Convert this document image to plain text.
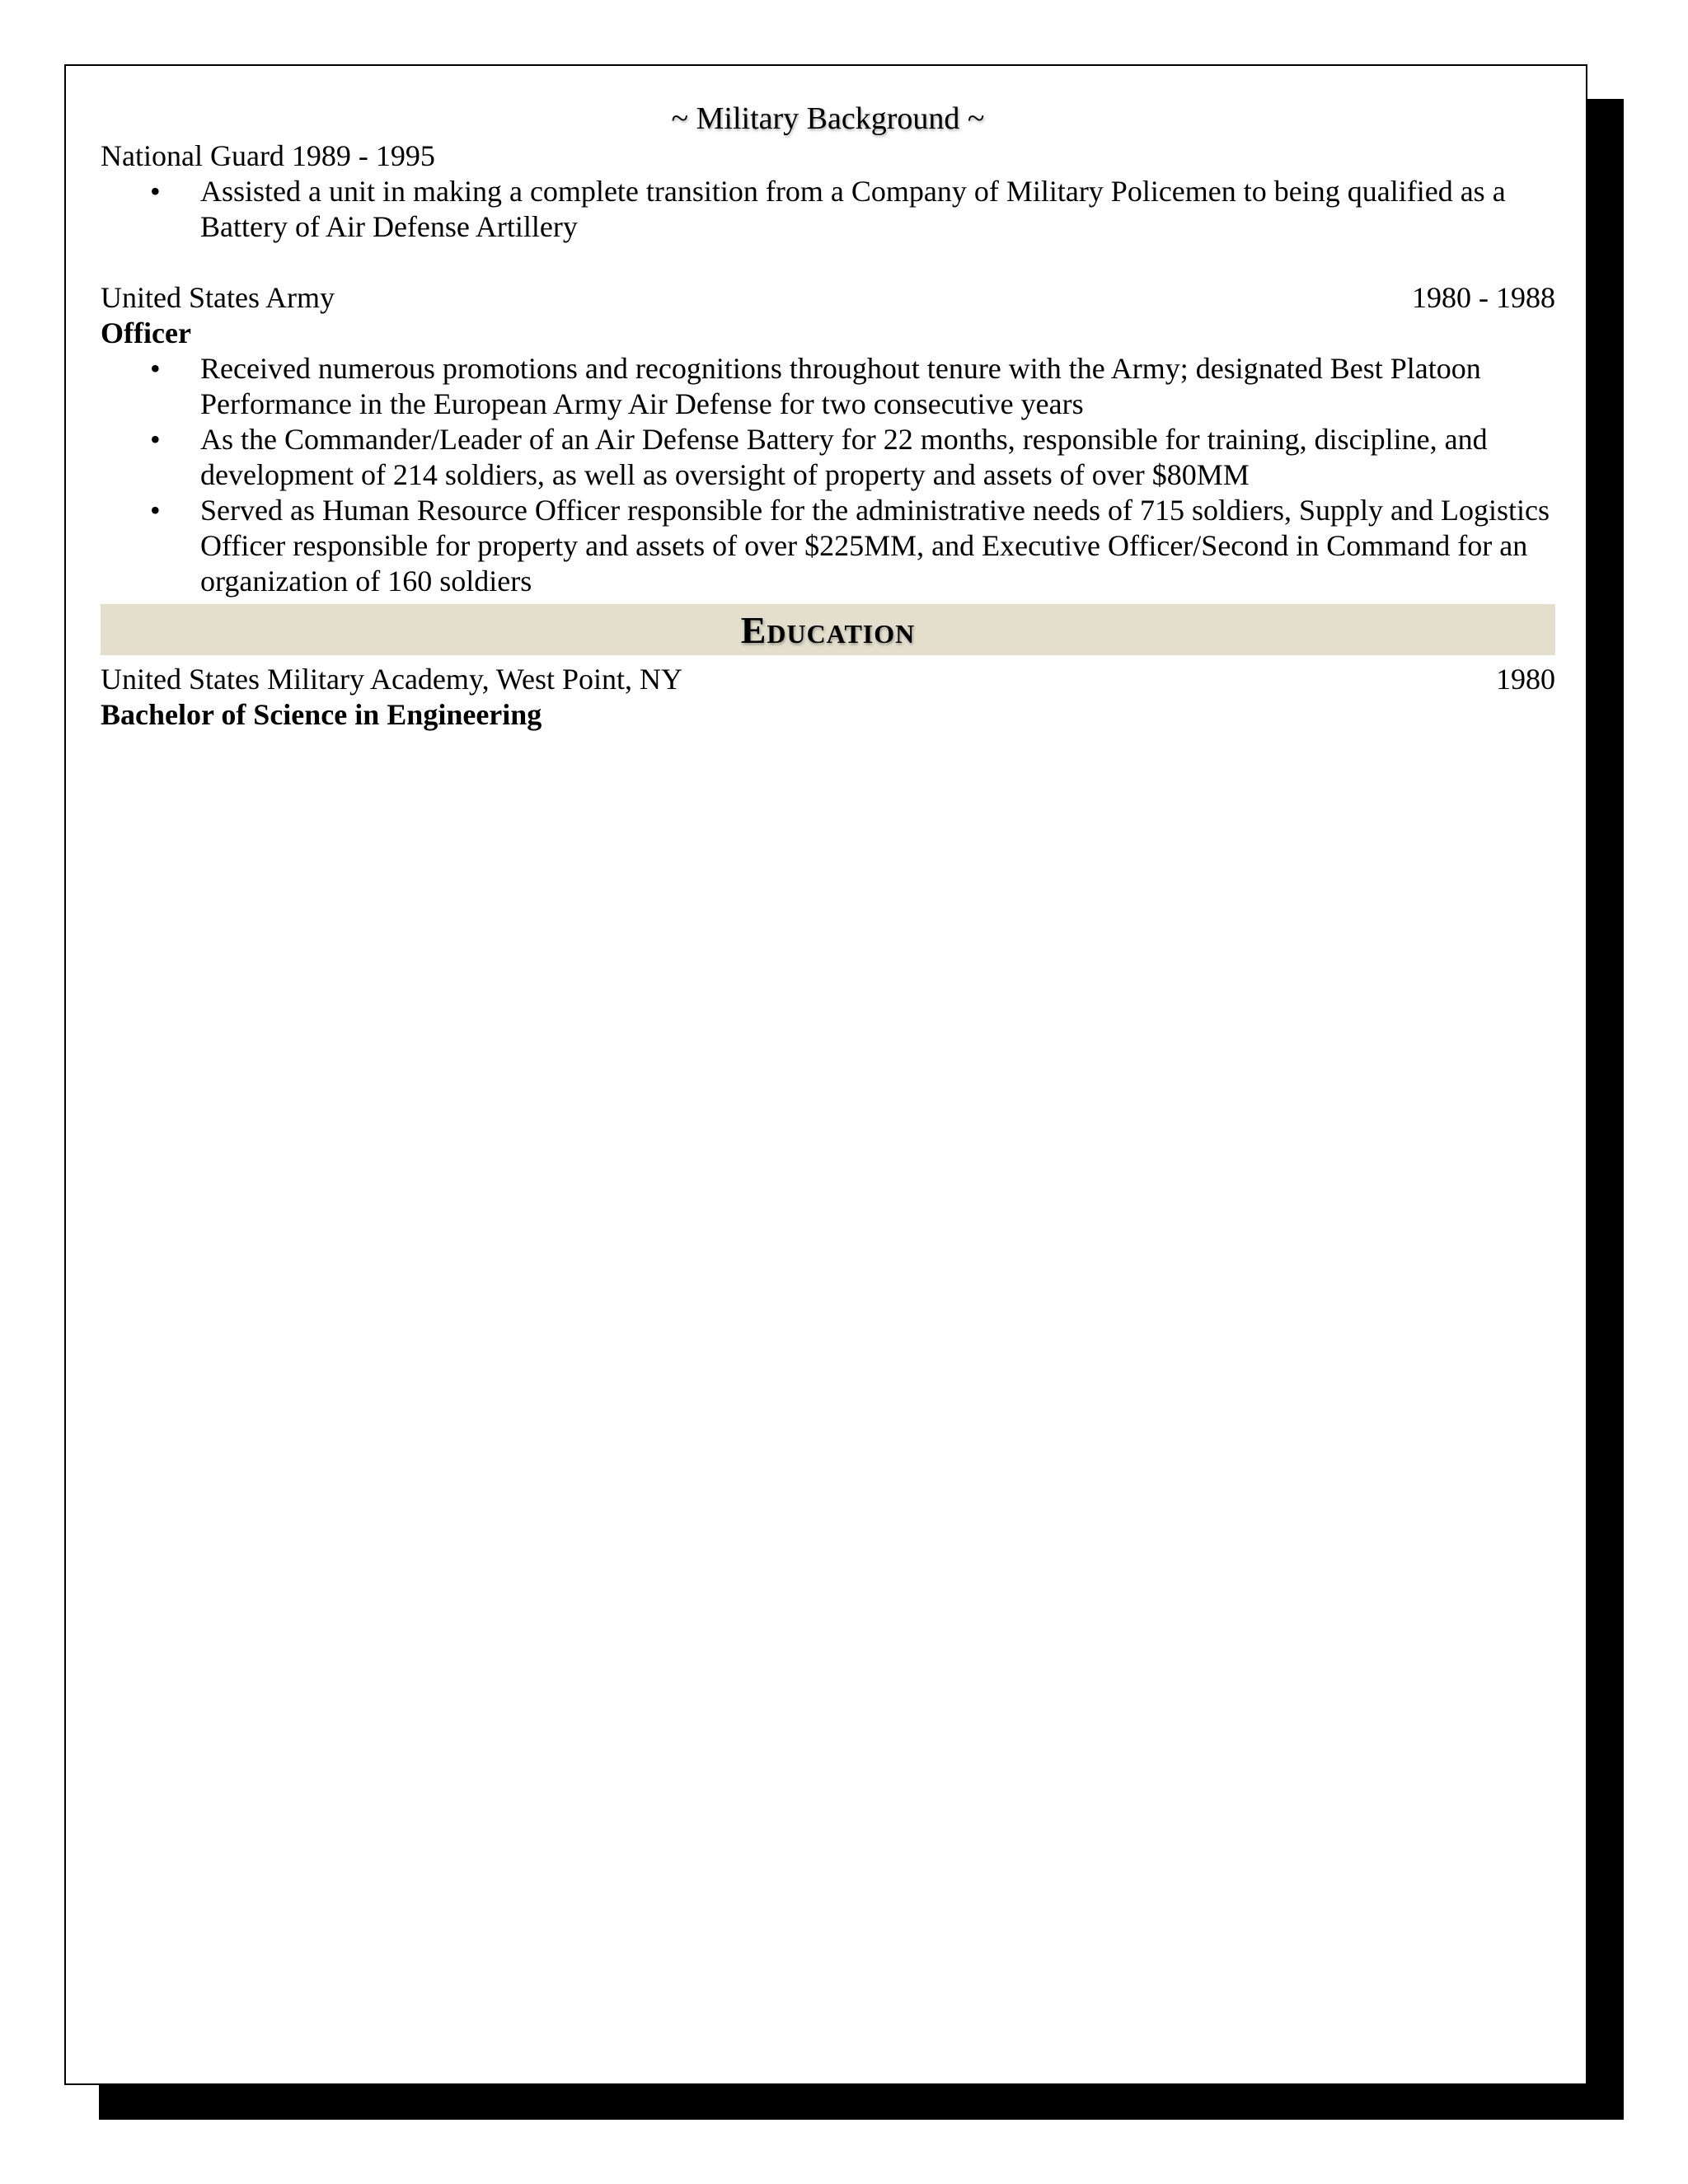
~ Military Background ~
National Guard 1989 - 1995
• Assisted a unit in making a complete transition from a Company of Military Policemen to being qualified as a Battery of Air Defense Artillery
United States Army	1980 - 1988
Officer
• Received numerous promotions and recognitions throughout tenure with the Army; designated Best Platoon Performance in the European Army Air Defense for two consecutive years
• As the Commander/Leader of an Air Defense Battery for 22 months, responsible for training, discipline, and development of 214 soldiers, as well as oversight of property and assets of over $80MM
• Served as Human Resource Officer responsible for the administrative needs of 715 soldiers, Supply and Logistics Officer responsible for property and assets of over $225MM, and Executive Officer/Second in Command for an organization of 160 soldiers
Education
United States Military Academy, West Point, NY	1980
Bachelor of Science in Engineering
